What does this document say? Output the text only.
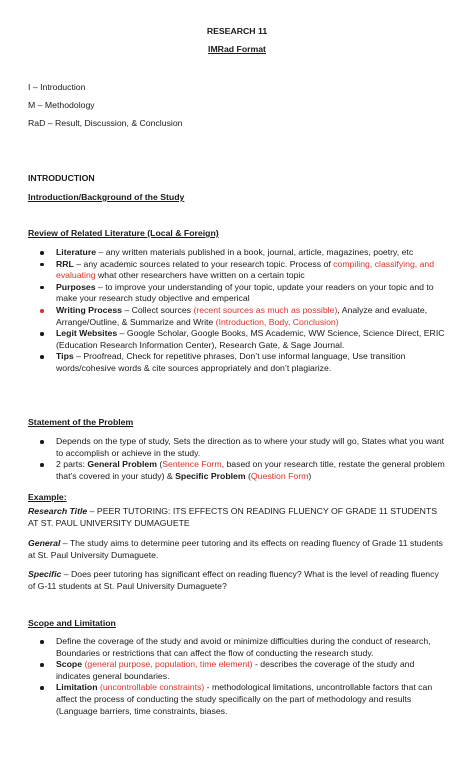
RESEARCH 11
IMRad Format

I – Introduction

M – Methodology

RaD – Result, Discussion, & Conclusion

INTRODUCTION
Introduction/Background of the Study
Review of Related Literature (Local & Foreign)
Literature – any written materials published in a book, journal, article, magazines, poetry, etc
RRL – any academic sources related to your research topic. Process of compiling, classifying, and evaluating what other researchers have written on a certain topic
Purposes – to improve your understanding of your topic, update your readers on your topic and to make your research study objective and emperical
Writing Process – Collect sources (recent sources as much as possible), Analyze and evaluate, Arrange/Outline, & Summarize and Write (Introduction, Body, Conclusion)
Legit Websites – Google Scholar, Google Books, MS Academic, WW Science, Science Direct, ERIC (Education Research Information Center), Research Gate, & Sage Journal.
Tips – Proofread, Check for repetitive phrases, Don’t use informal language, Use transition words/cohesive words & cite sources appropriately and don’t plagiarize.
Statement of the Problem
Depends on the type of study, Sets the direction as to where your study will go, States what you want to accomplish or achieve in the study.
2 parts: General Problem (Sentence Form, based on your research title, restate the general problem that’s covered in your study) & Specific Problem (Question Form)
Example:
Research Title – PEER TUTORING: ITS EFFECTS ON READING FLUENCY OF GRADE 11 STUDENTS AT ST. PAUL UNIVERSITY DUMAGUETE
General – The study aims to determine peer tutoring and its effects on reading fluency of Grade 11 students at St. Paul University Dumaguete.
Specific – Does peer tutoring has significant effect on reading fluency? What is the level of reading fluency of G-11 students at St. Paul University Dumaguete?
Scope and Limitation
Define the coverage of the study and avoid or minimize difficulties during the conduct of research, Boundaries or restrictions that can affect the flow of conducting the research study.
Scope (general purpose, population, time element) - describes the coverage of the study and indicates general boundaries.
Limitation (uncontrollable constraints) - methodological limitations, uncontrollable factors that can affect the process of conducting the study specifically on the part of methodology and results (Language barriers, time constraints, biases.
